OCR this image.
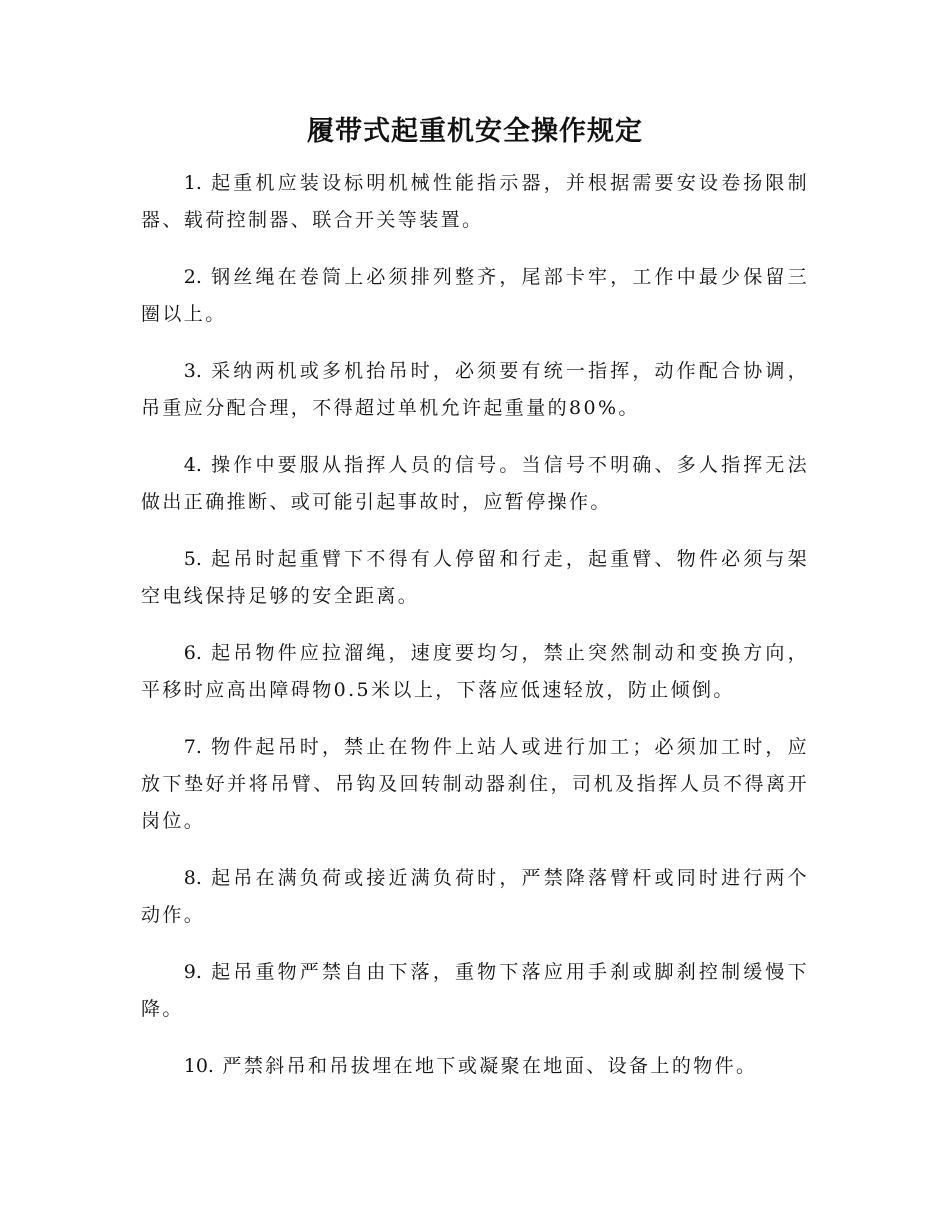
履带式起重机安全操作规定

1. 起重机应装设标明机械性能指示器，并根据需要安设卷扬限制器、载荷控制器、联合开关等装置。

2. 钢丝绳在卷筒上必须排列整齐，尾部卡牢，工作中最少保留三圈以上。

3. 采纳两机或多机抬吊时，必须要有统一指挥，动作配合协调，吊重应分配合理，不得超过单机允许起重量的80%。

4. 操作中要服从指挥人员的信号。当信号不明确、多人指挥无法做出正确推断、或可能引起事故时，应暂停操作。

5. 起吊时起重臂下不得有人停留和行走，起重臂、物件必须与架空电线保持足够的安全距离。

6. 起吊物件应拉溜绳，速度要均匀，禁止突然制动和变换方向，平移时应高出障碍物0.5米以上，下落应低速轻放，防止倾倒。

7. 物件起吊时，禁止在物件上站人或进行加工；必须加工时，应放下垫好并将吊臂、吊钩及回转制动器刹住，司机及指挥人员不得离开岗位。

8. 起吊在满负荷或接近满负荷时，严禁降落臂杆或同时进行两个动作。

9. 起吊重物严禁自由下落，重物下落应用手刹或脚刹控制缓慢下降。

10. 严禁斜吊和吊拔埋在地下或凝聚在地面、设备上的物件。
